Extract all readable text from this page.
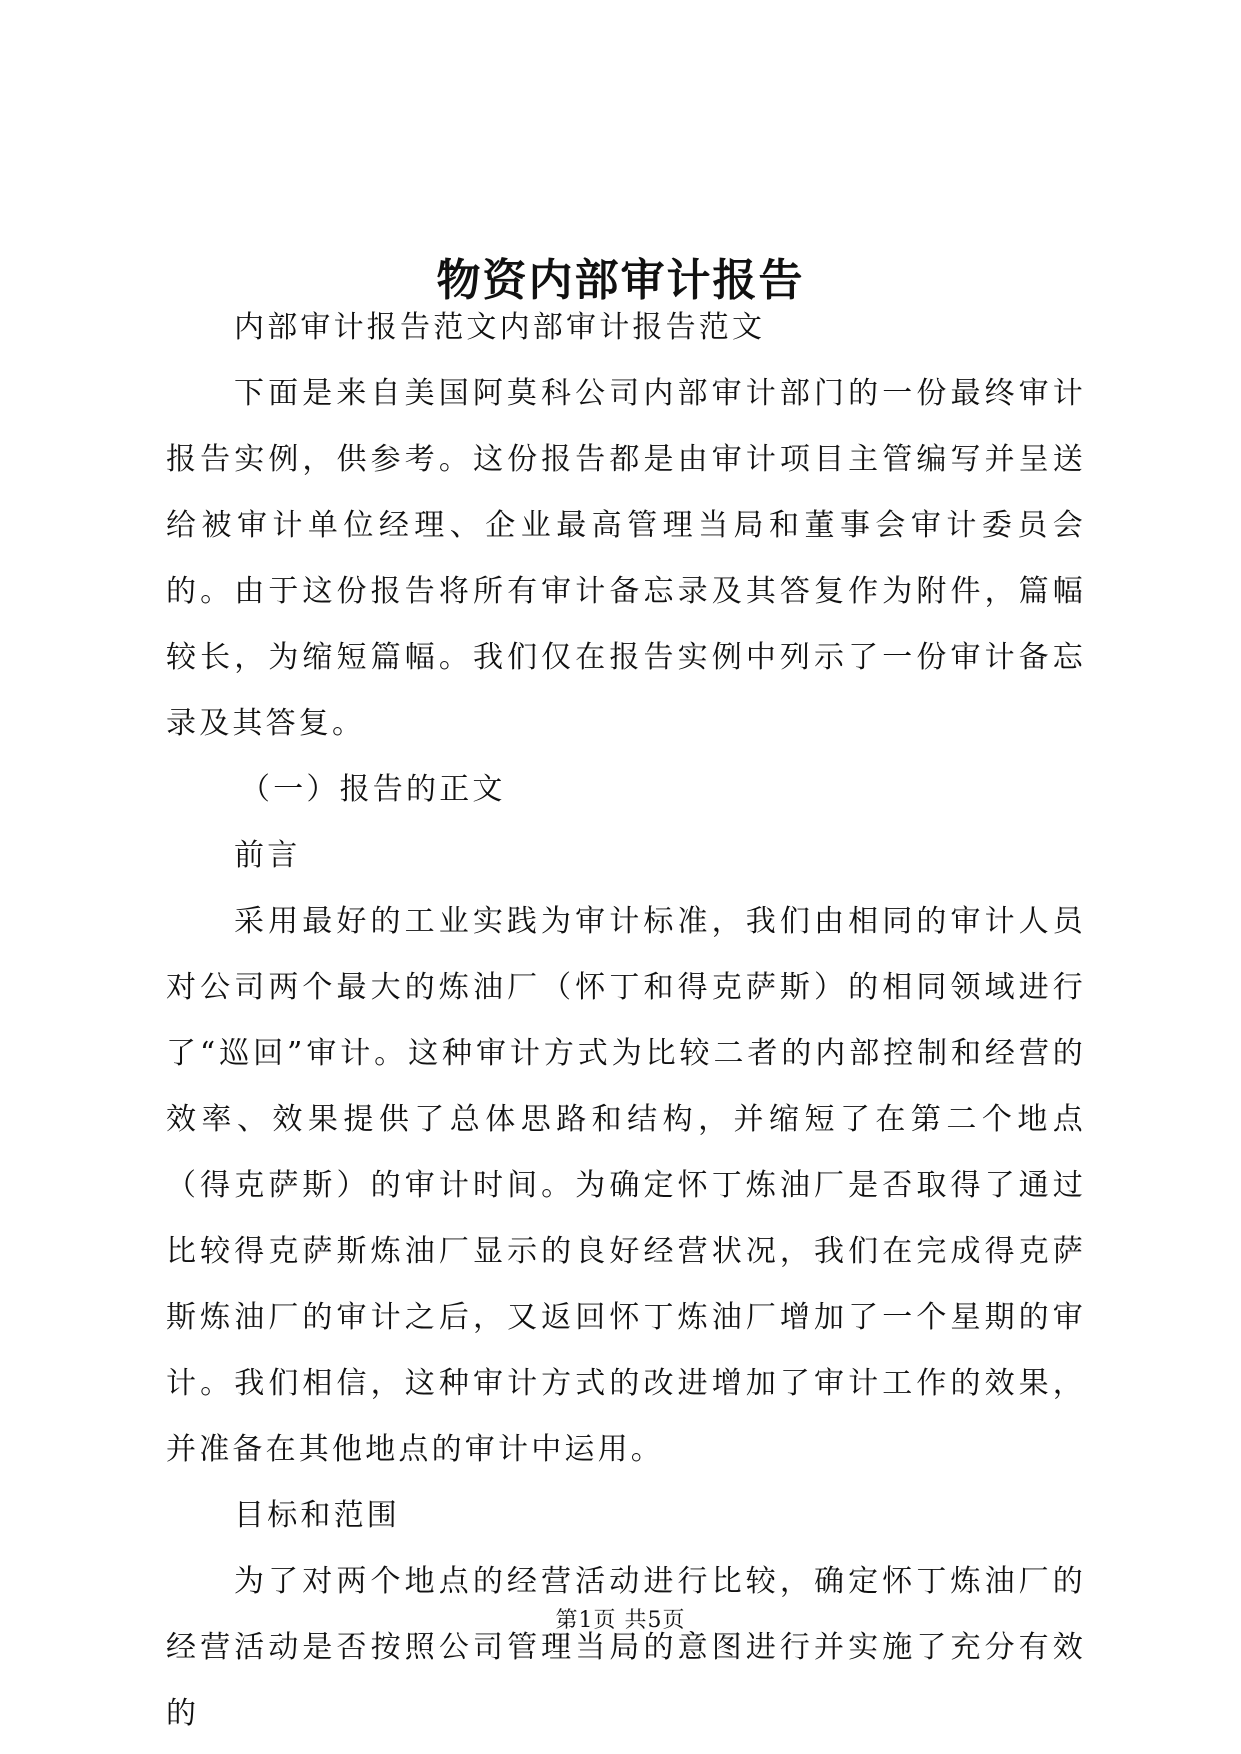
物资内部审计报告

内部审计报告范文内部审计报告范文

下面是来自美国阿莫科公司内部审计部门的一份最终审计报告实例，供参考。这份报告都是由审计项目主管编写并呈送给被审计单位经理、企业最高管理当局和董事会审计委员会的。由于这份报告将所有审计备忘录及其答复作为附件，篇幅较长，为缩短篇幅。我们仅在报告实例中列示了一份审计备忘录及其答复。

（一）报告的正文

前言

采用最好的工业实践为审计标准，我们由相同的审计人员对公司两个最大的炼油厂（怀丁和得克萨斯）的相同领域进行了“巡回”审计。这种审计方式为比较二者的内部控制和经营的效率、效果提供了总体思路和结构，并缩短了在第二个地点（得克萨斯）的审计时间。为确定怀丁炼油厂是否取得了通过比较得克萨斯炼油厂显示的良好经营状况，我们在完成得克萨斯炼油厂的审计之后，又返回怀丁炼油厂增加了一个星期的审计。我们相信，这种审计方式的改进增加了审计工作的效果，并准备在其他地点的审计中运用。

目标和范围

为了对两个地点的经营活动进行比较，确定怀丁炼油厂的经营活动是否按照公司管理当局的意图进行并实施了充分有效的

第1页 共5页
